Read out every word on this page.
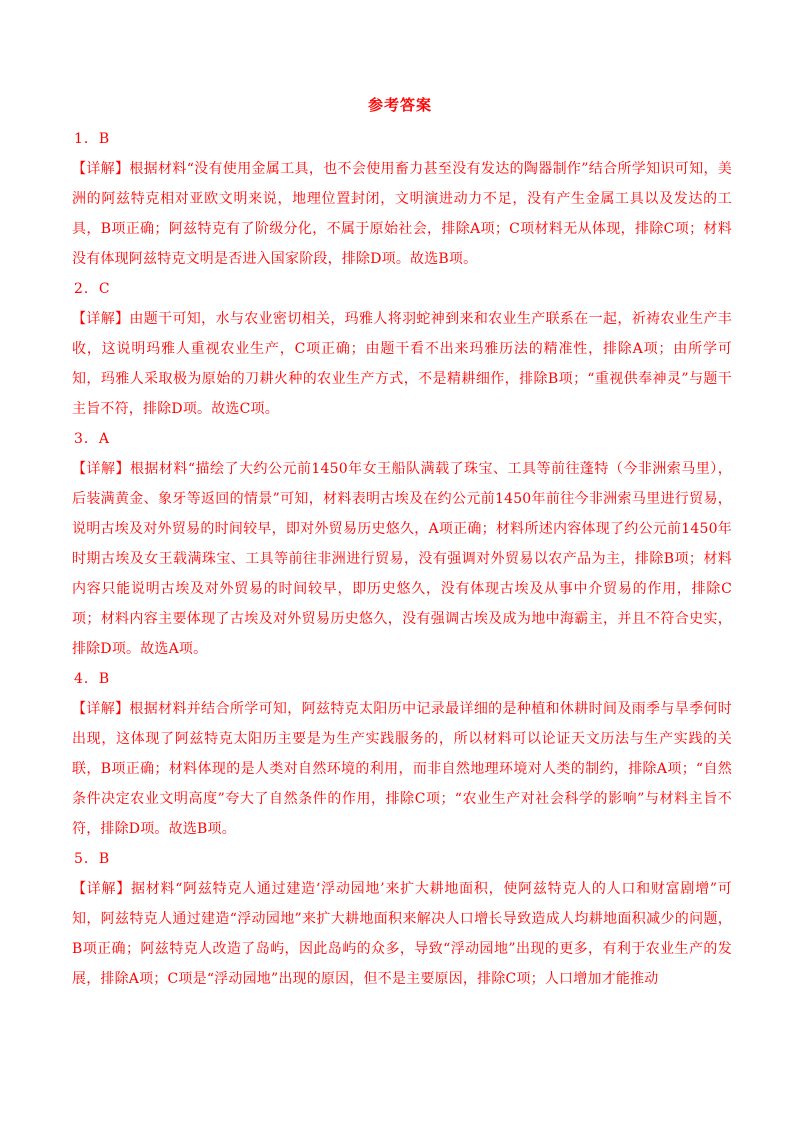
参考答案

1．B

【详解】根据材料“没有使用金属工具，也不会使用畜力甚至没有发达的陶器制作”结合所学知识可知，美洲的阿兹特克相对亚欧文明来说，地理位置封闭，文明演进动力不足，没有产生金属工具以及发达的工具，B项正确；阿兹特克有了阶级分化，不属于原始社会，排除A项；C项材料无从体现，排除C项；材料没有体现阿兹特克文明是否进入国家阶段，排除D项。故选B项。

2．C

【详解】由题干可知，水与农业密切相关，玛雅人将羽蛇神到来和农业生产联系在一起，祈祷农业生产丰收，这说明玛雅人重视农业生产，C项正确；由题干看不出来玛雅历法的精准性，排除A项；由所学可知，玛雅人采取极为原始的刀耕火种的农业生产方式，不是精耕细作，排除B项；“重视供奉神灵”与题干主旨不符，排除D项。故选C项。

3．A

【详解】根据材料“描绘了大约公元前1450年女王船队满载了珠宝、工具等前往蓬特（今非洲索马里），后装满黄金、象牙等返回的情景”可知，材料表明古埃及在约公元前1450年前往今非洲索马里进行贸易，说明古埃及对外贸易的时间较早，即对外贸易历史悠久，A项正确；材料所述内容体现了约公元前1450年时期古埃及女王载满珠宝、工具等前往非洲进行贸易，没有强调对外贸易以农产品为主，排除B项；材料内容只能说明古埃及对外贸易的时间较早，即历史悠久，没有体现古埃及从事中介贸易的作用，排除C项；材料内容主要体现了古埃及对外贸易历史悠久，没有强调古埃及成为地中海霸主，并且不符合史实，排除D项。故选A项。

4．B

【详解】根据材料并结合所学可知，阿兹特克太阳历中记录最详细的是种植和休耕时间及雨季与旱季何时出现，这体现了阿兹特克太阳历主要是为生产实践服务的，所以材料可以论证天文历法与生产实践的关联，B项正确；材料体现的是人类对自然环境的利用，而非自然地理环境对人类的制约，排除A项；“自然条件决定农业文明高度”夸大了自然条件的作用，排除C项；“农业生产对社会科学的影响”与材料主旨不符，排除D项。故选B项。

5．B

【详解】据材料“阿兹特克人通过建造‘浮动园地’来扩大耕地面积，使阿兹特克人的人口和财富剧增”可知，阿兹特克人通过建造“浮动园地”来扩大耕地面积来解决人口增长导致造成人均耕地面积减少的问题，B项正确；阿兹特克人改造了岛屿，因此岛屿的众多，导致“浮动园地”出现的更多，有利于农业生产的发展，排除A项；C项是“浮动园地”出现的原因，但不是主要原因，排除C项；人口增加才能推动
